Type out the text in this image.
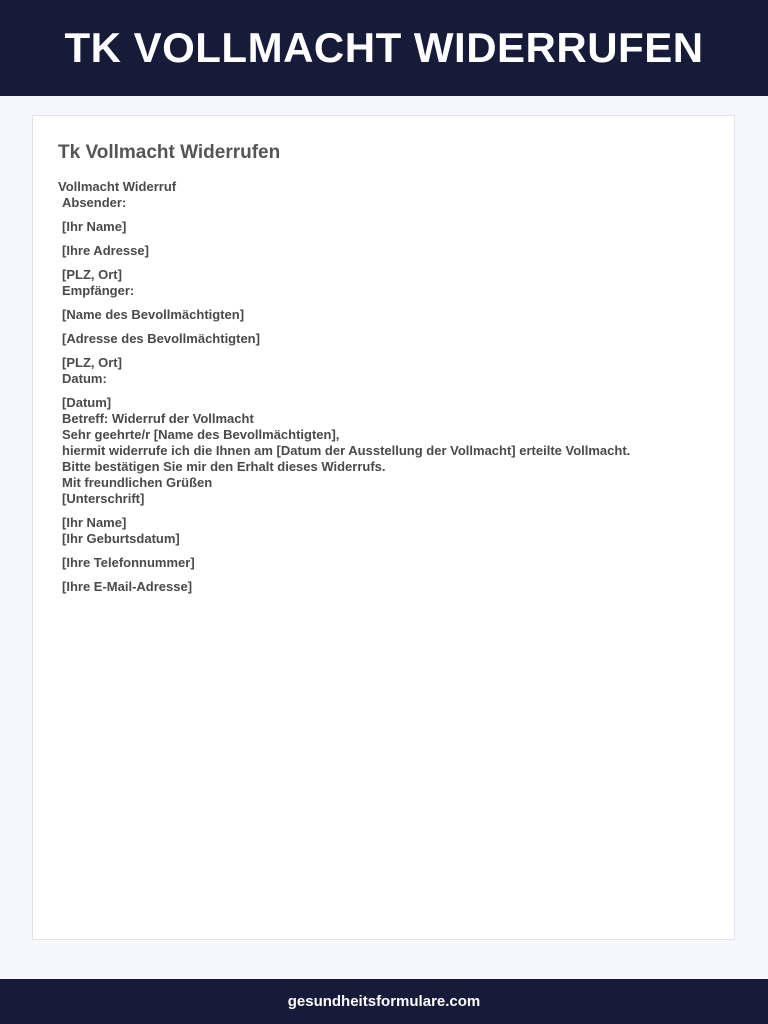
TK VOLLMACHT WIDERRUFEN
Tk Vollmacht Widerrufen
Vollmacht Widerruf
Absender:
[Ihr Name]
[Ihre Adresse]
[PLZ, Ort]
Empfänger:
[Name des Bevollmächtigten]
[Adresse des Bevollmächtigten]
[PLZ, Ort]
Datum:
[Datum]
Betreff: Widerruf der Vollmacht
Sehr geehrte/r [Name des Bevollmächtigten],
hiermit widerrufe ich die Ihnen am [Datum der Ausstellung der Vollmacht] erteilte Vollmacht.
Bitte bestätigen Sie mir den Erhalt dieses Widerrufs.
Mit freundlichen Grüßen
[Unterschrift]
[Ihr Name]
[Ihr Geburtsdatum]
[Ihre Telefonnummer]
[Ihre E-Mail-Adresse]
gesundheitsformulare.com
